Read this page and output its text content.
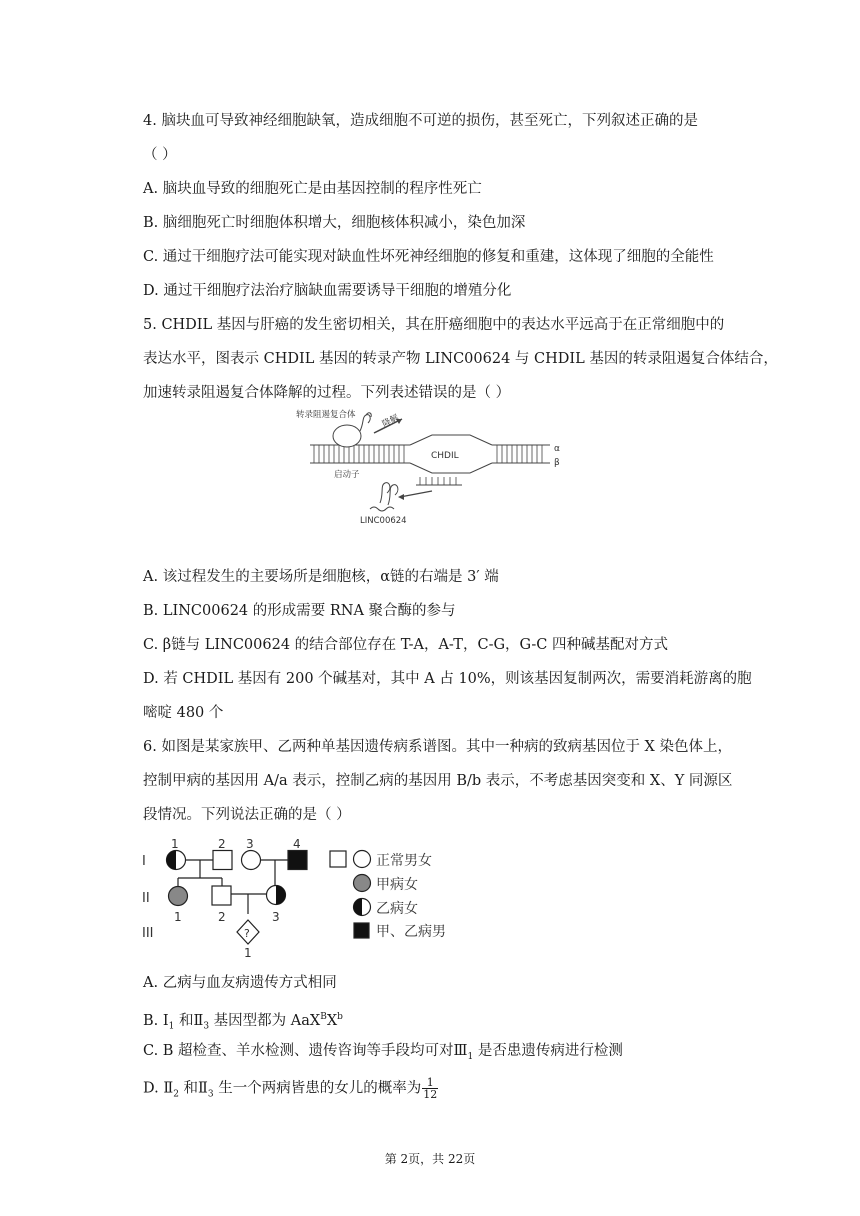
4. 脑块血可导致神经细胞缺氧，造成细胞不可逆的损伤，甚至死亡，下列叙述正确的是
（ ）
A. 脑块血导致的细胞死亡是由基因控制的程序性死亡
B. 脑细胞死亡时细胞体积增大，细胞核体积减小，染色加深
C. 通过干细胞疗法可能实现对缺血性坏死神经细胞的修复和重建，这体现了细胞的全能性
D. 通过干细胞疗法治疗脑缺血需要诱导干细胞的增殖分化
5. CHDIL 基因与肝癌的发生密切相关，其在肝癌细胞中的表达水平远高于在正常细胞中的
表达水平，图表示 CHDIL 基因的转录产物 LINC00624 与 CHDIL 基因的转录阻遏复合体结合，
加速转录阻遏复合体降解的过程。下列表述错误的是（ ）
转录阻遏复合体	降解
CHDIL
启动子
α
β
LINC00624
A. 该过程发生的主要场所是细胞核，α链的右端是 3′ 端
B. LINC00624 的形成需要 RNA 聚合酶的参与
C. β链与 LINC00624 的结合部位存在 T-A，A-T，C-G，G-C 四种碱基配对方式
D. 若 CHDIL 基因有 200 个碱基对，其中 A 占 10%，则该基因复制两次，需要消耗游离的胞
嘧啶 480 个
6. 如图是某家族甲、乙两种单基因遗传病系谱图。其中一种病的致病基因位于 X 染色体上，
控制甲病的基因用 A/a 表示，控制乙病的基因用 B/b 表示，不考虑基因突变和 X、Y 同源区
段情况。下列说法正确的是（ ）
I
II
III
1	2 3	4
1	2	3
?
1
正常男女
甲病女
乙病女
甲、乙病男
A. 乙病与血友病遗传方式相同
B. $Ⅰ_1$ 和$Ⅱ_3$ 基因型都为 $AaX^BX^b$
C. B 超检查、羊水检测、遗传咨询等手段均可对$Ⅲ_1$ 是否患遗传病进行检测
D. $Ⅱ_2$ 和$Ⅱ_3$ 生一个两病皆患的女儿的概率为 $\frac{1}{12}$
第 2页，共 22页
